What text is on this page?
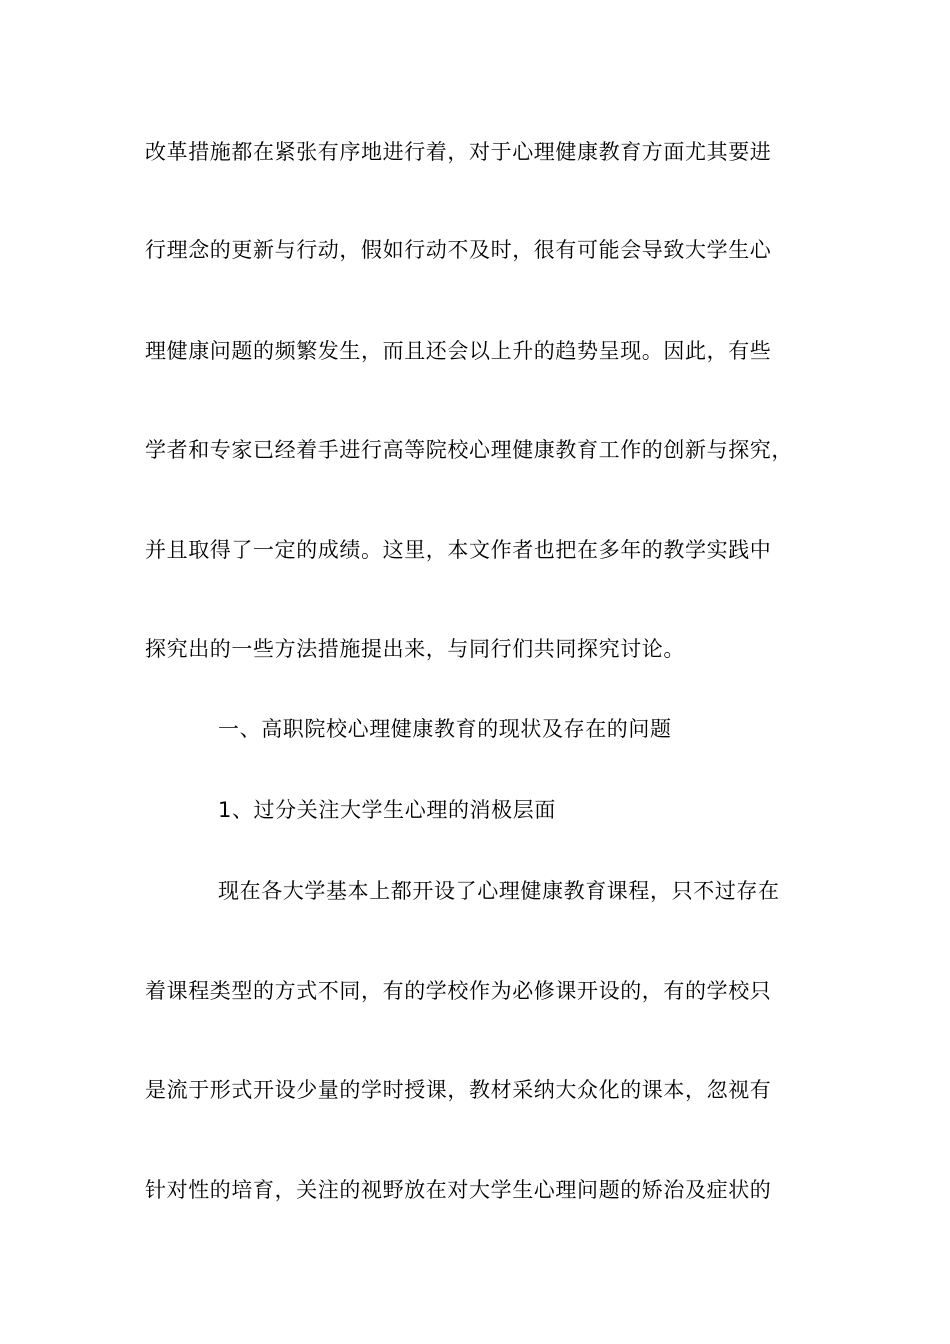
改革措施都在紧张有序地进行着，对于心理健康教育方面尤其要进
行理念的更新与行动，假如行动不及时，很有可能会导致大学生心
理健康问题的频繁发生，而且还会以上升的趋势呈现。因此，有些
学者和专家已经着手进行高等院校心理健康教育工作的创新与探究，
并且取得了一定的成绩。这里，本文作者也把在多年的教学实践中
探究出的一些方法措施提出来，与同行们共同探究讨论。
一、高职院校心理健康教育的现状及存在的问题
1、过分关注大学生心理的消极层面
现在各大学基本上都开设了心理健康教育课程，只不过存在
着课程类型的方式不同，有的学校作为必修课开设的，有的学校只
是流于形式开设少量的学时授课，教材采纳大众化的课本，忽视有
针对性的培育，关注的视野放在对大学生心理问题的矫治及症状的
